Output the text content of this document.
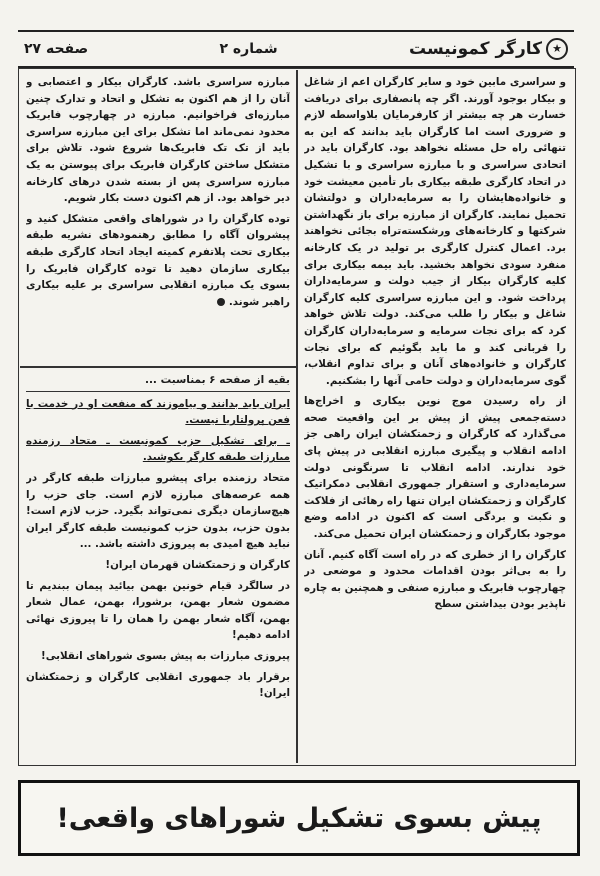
★
کارگر کمونیست
شماره ۲
صفحه ۲۷

و سراسری مابین خود و سایر کارگران اعم از شاغل و بیکار بوجود آورند. اگر چه پانصفاری برای دریافت خسارت هر چه بیشتر از کارفرمایان بلاواسطه لازم و ضروری است اما کارگران باید بدانند که این به تنهائی راه حل مسئله نخواهد بود. کارگران باید در اتحادی سراسری و با مبارزه سراسری و با تشکیل در اتحاد کارگری طبقه بیکاری بار تأمین معیشت خود و خانواده‌هایشان را به سرمایه‌داران و دولتشان تحمیل نمایند. کارگران از مبارزه برای باز نگهداشتن شرکتها و کارخانه‌های ورشکسته‌تراه بجائی نخواهند برد. اعمال کنترل کارگری بر تولید در یک کارخانه منفرد سودی نخواهد بخشید. باید بیمه بیکاری برای کلیه کارگران بیکار از جیب دولت و سرمایه‌داران پرداخت شود. و این مبارزه سراسری کلیه کارگران شاغل و بیکار را طلب می‌کند. دولت تلاش خواهد کرد که برای نجات سرمایه و سرمایه‌داران کارگران را قربانی کند و ما باید بگوئیم که برای نجات کارگران و خانواده‌های آنان و برای تداوم انقلاب، گوی سرمایه‌داران و دولت حامی آنها را بشکنیم.

از راه رسیدن موج نوین بیکاری و اخراج‌ها دسته‌جمعی پیش از پیش بر این واقعیت صحه می‌گذارد که کارگران و زحمتکشان ایران راهی جز ادامه انقلاب و پیگیری مبارزه انقلابی در پیش پای خود ندارند. ادامه انقلاب تا سرنگونی دولت سرمایه‌داری و استقرار جمهوری انقلابی دمکراتیک کارگران و زحمتکشان ایران تنها راه رهائی از فلاکت و نکبت و بردگی است که اکنون در ادامه وضع موجود بکارگران و زحمتکشان ایران تحمیل می‌کند.

کارگران را از خطری که در راه است آگاه کنیم. آنان را به بی‌اثر بودن اقدامات محدود و موضعی در چهارچوب فابریک و مبارزه صنفی و همچنین به چاره ناپذیر بودن بیداشتن سطح

مبارزه سراسری باشد. کارگران بیکار و اعتصابی و آنان را از هم اکنون به تشکل و اتحاد و تدارک چنین مبارزه‌ای فراخوانیم. مبارزه در چهارچوب فابریک محدود نمی‌ماند اما تشکل برای این مبارزه سراسری باید از تک تک فابریک‌ها شروع شود. تلاش برای متشکل ساختن کارگران فابریک برای پیوستن به یک مبارزه سراسری پس از بسته شدن درهای کارخانه دیر خواهد بود. از هم اکنون دست بکار شویم.

توده کارگران را در شوراهای واقعی متشکل کنید و پیشروان آگاه را مطابق رهنمودهای نشریه طبقه بیکاری تحت پلاتفرم کمیته ایجاد اتحاد کارگری طبقه بیکاری سازمان دهید تا توده کارگران فابریک را بسوی یک مبارزه انقلابی سراسری بر علیه بیکاری راهبر شوند.

بقیه از صفحه ۶ بمناسبت ...

ایران باید بدانند و بیاموزند که منفعت او در خدمت با فعن پرولتاریا نیست.

ـ برای تشکیل حزب کمونیست ـ متحاد رزمنده مبارزات طبقه کارگر بکوشید.

متحاد رزمنده برای پیشرو مبارزات طبقه کارگر در همه عرصه‌های مبارزه لازم است. جای حزب را هیچ‌سازمان دیگری نمی‌تواند بگیرد. حزب لازم است! بدون حزب، بدون حزب کمونیست طبقه کارگر ایران نباید هیچ امیدی به پیروزی داشته باشد. ...

کارگران و زحمتکشان قهرمان ایران!

در سالگرد قیام خونین بهمن بیائید پیمان ببندیم تا مضمون شعار بهمن، برشورا، بهمن، عمال شعار بهمن، آگاه شعار بهمن را همان را تا پیروزی نهائی ادامه دهیم!

پیروزی مبارزات به پیش بسوی شوراهای انقلابی!

برقرار باد جمهوری انقلابی کارگران و زحمتکشان ایران!

پیش بسوی تشکیل شوراهای واقعی!
